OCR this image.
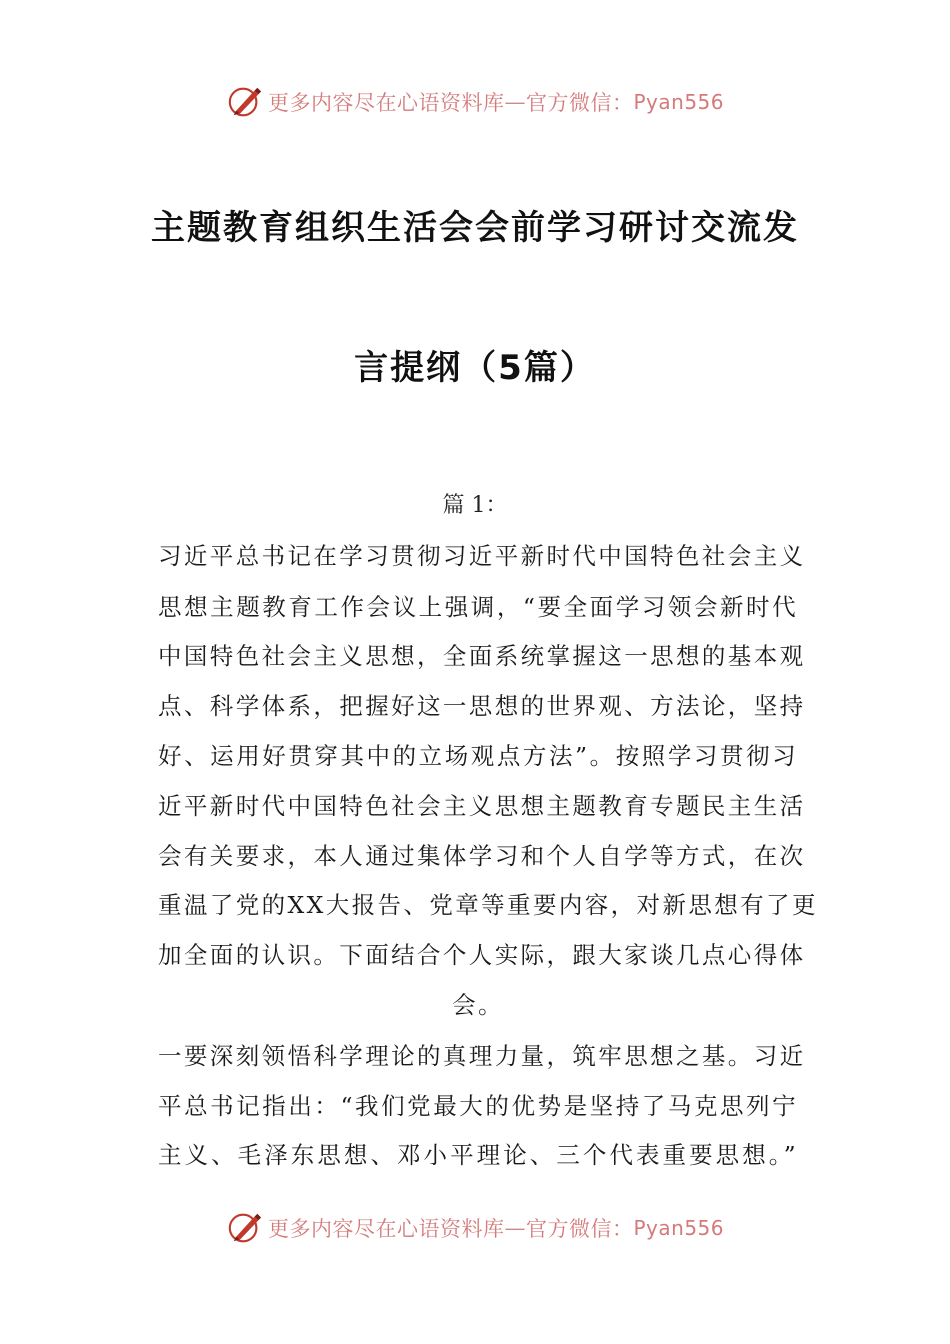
更多内容尽在心语资料库 — 官方微信： Pyan556
主题教育组织生活会会前学习研讨交流发
言提纲（5篇）
篇 1：
习近平总书记在学习贯彻习近平新时代中国特色社会主义
思想主题教育工作会议上强调，“要全面学习领会新时代
中国特色社会主义思想，全面系统掌握这一思想的基本观
点、科学体系，把握好这一思想的世界观、方法论，坚持
好、运用好贯穿其中的立场观点方法”。按照学习贯彻习
近平新时代中国特色社会主义思想主题教育专题民主生活
会有关要求，本人通过集体学习和个人自学等方式，在次
重温了党的XX大报告、党章等重要内容，对新思想有了更
加全面的认识。下面结合个人实际，跟大家谈几点心得体
会。
一要深刻领悟科学理论的真理力量，筑牢思想之基。习近
平总书记指出：“我们党最大的优势是坚持了马克思列宁
主义、毛泽东思想、邓小平理论、三个代表重要思想。”
更多内容尽在心语资料库 — 官方微信： Pyan556
